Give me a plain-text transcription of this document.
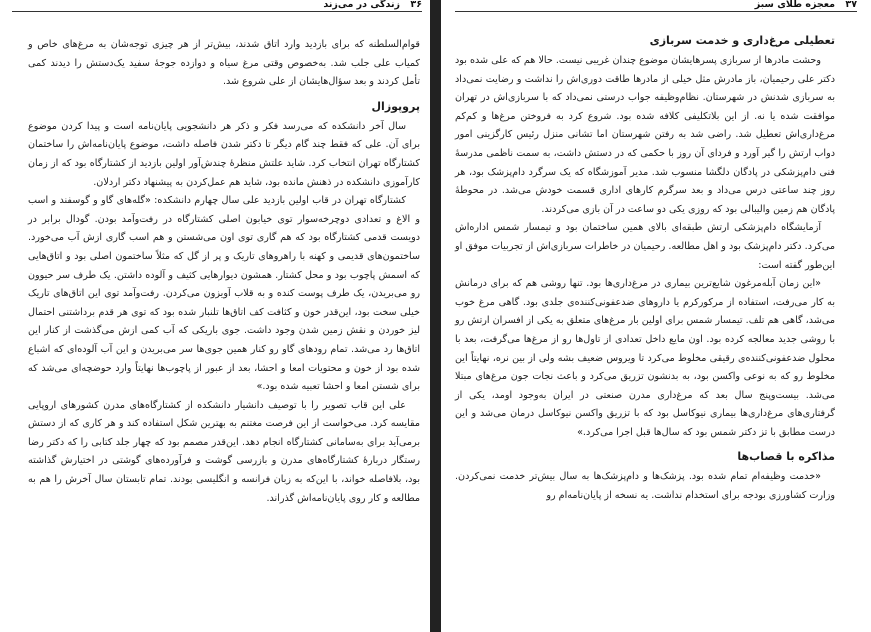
۳۶
زندگی در می‌زند

قوام‌السلطنه که برای بازدید وارد اتاق شدند، بیش‌تر از هر چیزی توجه‌شان به مرغ‌های خاص و کمیاب علی جلب شد. به‌خصوص وقتی مرغ سیاه و دوازده جوجهٔ سفید یک‌دستش را دیدند کمی تأمل کردند و بعد سؤال‌هایشان از علی شروع شد.

پروپوزال

سال آخر دانشکده که می‌رسد فکر و ذکر هر دانشجویی پایان‌نامه است و پیدا کردن موضوع برای آن. علی که فقط چند گام دیگر تا دکتر شدن فاصله داشت، موضوع پایان‌نامه‌اش را ساختمان کشتارگاه تهران انتخاب کرد. شاید علتش منظرهٔ چندش‌آور اولین بازدید از کشتارگاه بود که از زمان کارآموزی دانشکده در ذهنش مانده بود، شاید هم عمل‌کردن به پیشنهاد دکتر اردلان.

کشتارگاه تهران در قاب اولین بازدید علی سال چهارم دانشکده: «گله‌های گاو و گوسفند و اسب و الاغ و تعدادی دوچرخه‌سوار توی خیابون اصلی کشتارگاه در رفت‌وآمد بودن. گودال برابر در دویست قدمی کشتارگاه بود که هم گاری توی اون می‌شستن و هم اسب گاری ازش آب می‌خورد. ساختمون‌های قدیمی و کهنه با راهروهای تاریک و پر از گل که مثلاً ساختمون اصلی بود و اتاق‌هایی که اسمش پاچوب بود و محل کشتار. همشون دیوارهایی کثیف و آلوده داشتن. یک طرف سر حیوون رو می‌بریدن، یک طرف پوست کنده و به قلاب آویزون می‌کردن. رفت‌وآمد توی این اتاق‌های تاریک خیلی سخت بود، این‌قدر خون و کثافت کف اتاق‌ها تلنبار شده بود که توی هر قدم برداشتنی احتمال لیز خوردن و نقش زمین شدن وجود داشت. جوی باریکی که آب کمی ازش می‌گذشت از کنار این اتاق‌ها رد می‌شد. تمام رودهای گاو رو کنار همین جوی‌ها سر می‌بریدن و این آب آلوده‌ای که اشباع شده بود از خون و محتویات امعا و احشا، بعد از عبور از پاچوب‌ها نهایتاً وارد حوضچه‌ای می‌شد که برای شستن امعا و احشا تعبیه شده بود.»

علی این قاب تصویر را با توصیف دانشیار دانشکده از کشتارگاه‌های مدرن کشورهای اروپایی مقایسه کرد. می‌خواست از این فرصت مغتنم به بهترین شکل استفاده کند و هر کاری که از دستش برمی‌آید برای به‌سامانی کشتارگاه انجام دهد. این‌قدر مصمم بود که چهار جلد کتابی را که دکتر رضا رستگار دربارهٔ کشتارگاه‌های مدرن و بازرسی گوشت و فرآورده‌های گوشتی در اختیارش گذاشته بود، بلافاصله خواند، با این‌که به زبان فرانسه و انگلیسی بودند. تمام تابستان سال آخرش را هم به مطالعه و کار روی پایان‌نامه‌اش گذراند.

۳۷
معجزه طلای سبز
تعطیلی مرغ‌داری و خدمت سربازی

وحشت مادرها از سربازی پسرهایشان موضوع چندان غریبی نیست. حالا هم که علی شده بود دکتر علی رحیمیان، باز مادرش مثل خیلی از مادرها طاقت دوری‌اش را نداشت و رضایت نمی‌داد به سربازی شدنش در شهرستان. نظام‌وظیفه جواب درستی نمی‌داد که با سربازی‌اش در تهران موافقت شده یا نه. از این بلاتکلیفی کلافه شده بود. شروع کرد به فروختن مرغ‌ها و کم‌کم مرغ‌داری‌اش تعطیل شد. راضی شد به رفتن شهرستان اما تشانی منزل رئیس کارگزینی امور دواب ارتش را گیر آورد و فردای آن روز با حکمی که در دستش داشت، به سمت ناظمی مدرسهٔ فنی دام‌پزشکی در پادگان دلگشا منسوب شد. مدیر آموزشگاه که یک سرگرد دام‌پزشک بود، هر روز چند ساعتی درس می‌داد و بعد سرگرم کارهای اداری قسمت خودش می‌شد. در محوطهٔ پادگان هم زمین والیبالی بود که روزی یکی دو ساعت در آن بازی می‌کردند.

آزمایشگاه دام‌پزشکی ارتش طبقه‌ای بالای همین ساختمان بود و تیمسار شمس اداره‌اش می‌کرد. دکتر دام‌پزشک بود و اهل مطالعه. رحیمیان در خاطرات سربازی‌اش از تجربیات موفق او این‌طور گفته است:

«این زمان آبله‌مرغون شایع‌ترین بیماری در مرغ‌داری‌ها بود. تنها روشی هم که برای درمانش به کار می‌رفت، استفاده از مرکورکرم یا داروهای ضدعفونی‌کننده‌ی جلدی بود. گاهی مرغ خوب می‌شد، گاهی هم تلف. تیمسار شمس برای اولین بار مرغ‌های متعلق به یکی از افسران ارتش رو با روشی جدید معالجه کرده بود. اون مایع داخل تعدادی از تاول‌ها رو از مرغ‌ها می‌گرفت، بعد با محلول ضدعفونی‌کننده‌ی رقیقی مخلوط می‌کرد تا ویروس ضعیف بشه ولی از بین نره، نهایتاً این مخلوط رو که به نوعی واکسن بود، به بدنشون تزریق می‌کرد و باعث نجات جون مرغ‌های مبتلا می‌شد. بیست‌وپنج سال بعد که مرغ‌داری مدرن صنعتی در ایران به‌وجود اومد، یکی از گرفتاری‌های مرغ‌داری‌ها بیماری نیوکاسل بود که با تزریق واکسن نیوکاسل درمان می‌شد و این درست مطابق با تز دکتر شمس بود که سال‌ها قبل اجرا می‌کرد.»

مذاکره با قصاب‌ها

«خدمت وظیفه‌ام تمام شده بود. پزشک‌ها و دام‌پزشک‌ها به سال بیش‌تر خدمت نمی‌کردن. وزارت کشاورزی بودجه برای استخدام نداشت. یه نسخه از پایان‌نامه‌ام رو
